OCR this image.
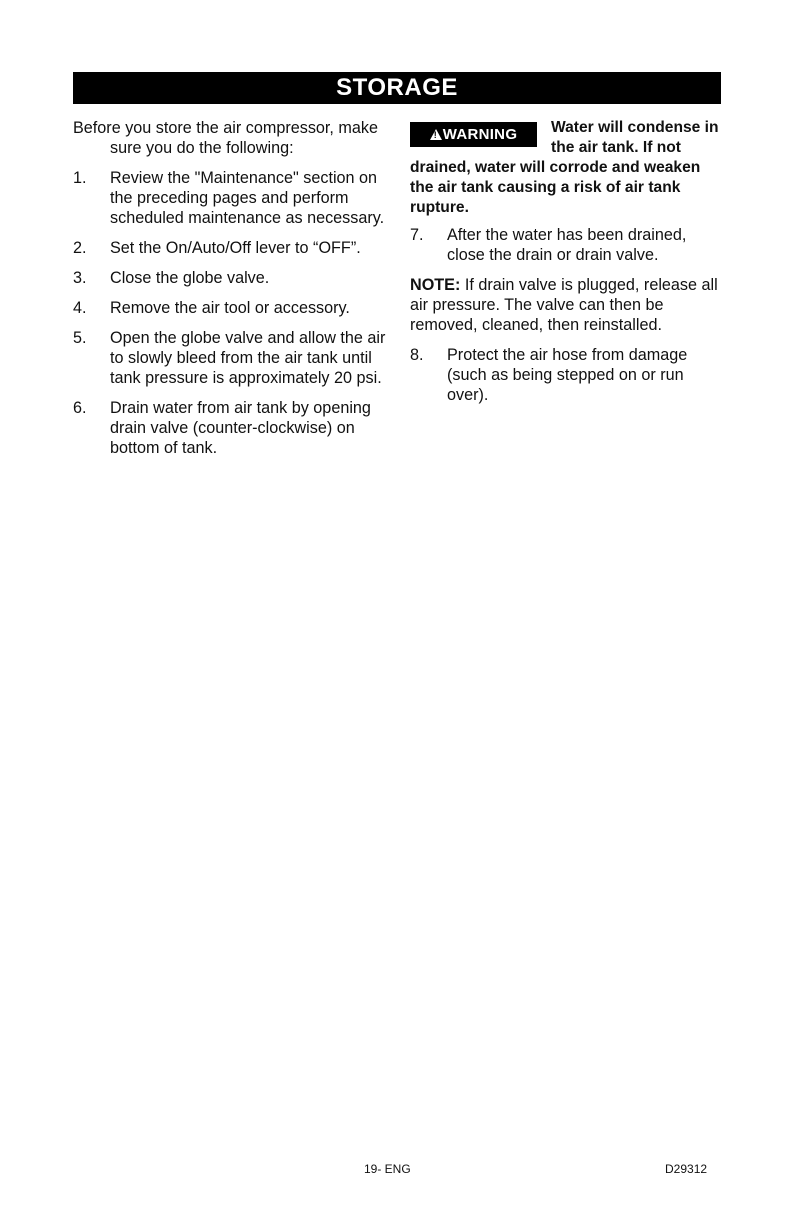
STORAGE

Before you store the air compressor, make sure you do the following:

1.	Review the "Maintenance" section on the preceding pages and perform scheduled maintenance as necessary.
2.	Set the On/Auto/Off lever to “OFF”.
3.	Close the globe valve.
4.	Remove the air tool or accessory.
5.	Open the globe valve and allow the air to slowly bleed from the air tank until tank pressure is approximately 20 psi.
6.	Drain water from air tank by opening drain valve (counter-clockwise) on bottom of tank.
!WARNING	Water will condense in the air tank. If not drained, water will corrode and weaken the air tank causing a risk of air tank rupture.
7.	After the water has been drained, close the drain or drain valve.

NOTE: If drain valve is plugged, release all air pressure. The valve can then be removed, cleaned, then reinstalled.

8.	Protect the air hose from damage (such as being stepped on or run over).
19- ENG	D29312
